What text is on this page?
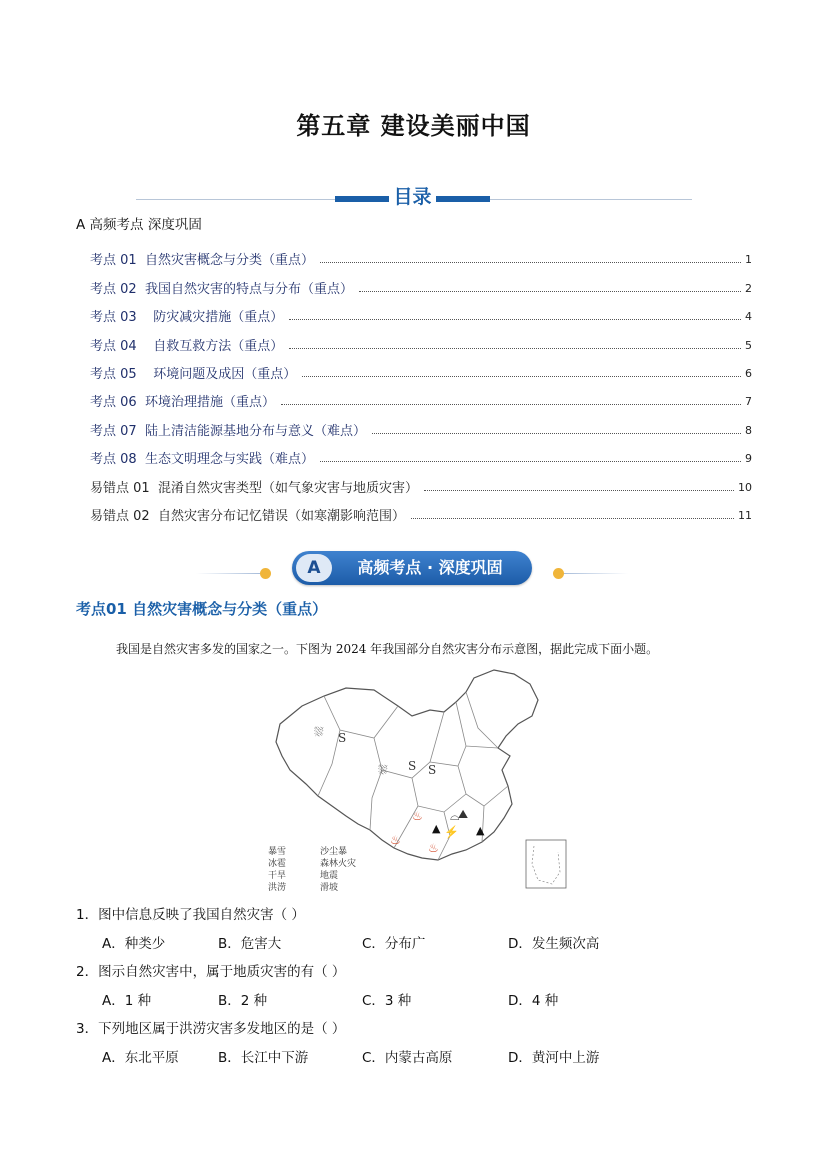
第五章 建设美丽中国
目录
A 高频考点 深度巩固
考点 01  自然灾害概念与分类（重点）	1
考点 02  我国自然灾害的特点与分布（重点）	2
考点 03    防灾减灾措施（重点）	4
考点 04    自救互救方法（重点）	5
考点 05    环境问题及成因（重点）	6
考点 06  环境治理措施（重点）	7
考点 07  陆上清洁能源基地分布与意义（难点）	8
考点 08  生态文明理念与实践（难点）	9
易错点 01  混淆自然灾害类型（如气象灾害与地质灾害）	10
易错点 02  自然灾害分布记忆错误（如寒潮影响范围）	11
A	高频考点 · 深度巩固
考点01 自然灾害概念与分类（重点）
我国是自然灾害多发的国家之一。下图为 2024 年我国部分自然灾害分布示意图，据此完成下面小题。
⛆ S
⛆ S S
♨ ⌓
⛰
▲	▲
⚡
♨
♨
暴雪	沙尘暴
冰雹	森林火灾
干旱	地震
洪涝	滑坡
1．图中信息反映了我国自然灾害（ ）
A．种类少	B．危害大	C．分布广	D．发生频次高
2．图示自然灾害中，属于地质灾害的有（ ）
A．1 种	B．2 种	C．3 种	D．4 种
3．下列地区属于洪涝灾害多发地区的是（ ）
A．东北平原	B．长江中下游	C．内蒙古高原	D．黄河中上游
